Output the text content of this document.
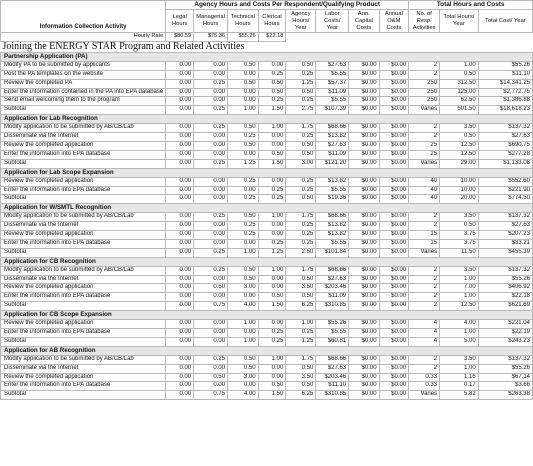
Information Collection Activity	Agency Hours and Costs Per Respondent/Qualifying Product								Total Hours and Costs		
	Legal Hours	Managerial Hours	Technical Hours	Clerical Hours	Agency Hours/ Year	Labor Costs/ Year	Ann. Capital Costs	Annual O&M Costs	No. of Resp. Activities	Total Hours/ Year	Total Cost/ Year
Hourly Rate	$80.59	$75.36	$55.26	$22.18							
Joining the ENERGY STAR Program and Related Activities											
Partnership Application (PA)											
Modify PA to be submitted by applicants	0.00	0.00	0.50	0.00	0.50	$27.63	$0.00	$0.00	2	1.00	$55.26
Post the PA templates on the website	0.00	0.00	0.00	0.25	0.25	$5.55	$0.00	$0.00	2	0.50	$11.10
Review the completed PA	0.00	0.25	0.50	0.50	1.25	$57.37	$0.00	$0.00	250	312.50	$14,341.25
Enter the information contained in the PA into EPA database	0.00	0.00	0.00	0.50	0.50	$11.09	$0.00	$0.00	250	125.00	$2,772.75
Send email welcoming them to the program	0.00	0.00	0.00	0.25	0.25	$5.55	$0.00	$0.00	250	62.50	$1,386.88
Subtotal	0.00	0.25	1.00	1.50	2.75	$107.39	$0.00	$0.00	Varies	501.50	$18,618.23
Application for Lab Recognition											
Modify application to be submitted by AB/CB/Lab	0.00	0.25	0.50	1.00	1.75	$68.66	$0.00	$0.00	2	3.50	$137.32
Disseminate via the Internet	0.00	0.00	0.25	0.00	0.25	$13.82	$0.00	$0.00	2	0.50	$27.63
Review the completed application	0.00	0.00	0.50	0.00	0.50	$27.63	$0.00	$0.00	25	12.50	$690.75
Enter the information into EPA database	0.00	0.00	0.00	0.50	0.50	$11.09	$0.00	$0.00	25	12.50	$277.28
Subtotal	0.00	0.25	1.25	1.50	3.00	$121.20	$0.00	$0.00	Varies	29.00	$1,133.08
Application for Lab Scope Expansion											
Review the completed application	0.00	0.00	0.25	0.00	0.25	$13.82	$0.00	$0.00	40	10.00	$552.60
Enter the information into EPA database	0.00	0.00	0.00	0.25	0.25	$5.55	$0.00	$0.00	40	10.00	$221.90
Subtotal	0.00	0.00	0.25	0.25	0.50	$19.36	$0.00	$0.00	40	20.00	$774.50
Application for W/SMTL Recognition											
Modify application to be submitted by AB/CB/Lab	0.00	0.25	0.50	1.00	1.75	$68.66	$0.00	$0.00	2	3.50	$137.32
Disseminate via the Internet	0.00	0.00	0.25	0.00	0.25	$13.82	$0.00	$0.00	2	0.50	$27.63
Review the completed application	0.00	0.00	0.25	0.00	0.25	$13.82	$0.00	$0.00	15	3.75	$207.23
Enter the information into EPA database	0.00	0.00	0.00	0.25	0.25	$5.55	$0.00	$0.00	15	3.75	$83.21
Subtotal	0.00	0.25	1.00	1.25	2.50	$101.84	$0.00	$0.00	Varies	11.50	$455.39
Application for CB Recognition											
Modify application to be submitted by AB/CB/Lab	0.00	0.25	0.50	1.00	1.75	$68.66	$0.00	$0.00	2	3.50	$137.32
Disseminate via the Internet	0.00	0.00	0.50	0.00	0.50	$27.63	$0.00	$0.00	2	1.00	$55.26
Review the completed application	0.00	0.50	3.00	0.00	3.50	$203.46	$0.00	$0.00	2	7.00	$406.92
Enter the information into EPA database	0.00	0.00	0.00	0.50	0.50	$11.09	$0.00	$0.00	2	1.00	$22.18
Subtotal	0.00	0.75	4.00	1.50	6.25	$310.85	$0.00	$0.00	2	12.50	$621.69
Application for CB Scope Expansion											
Review the completed application	0.00	0.00	1.00	0.00	1.00	$55.26	$0.00	$0.00	4	4.00	$221.04
Enter the information into EPA database	0.00	0.00	0.00	0.25	0.25	$5.55	$0.00	$0.00	4	1.00	$22.19
Subtotal	0.00	0.00	1.00	0.25	1.25	$60.81	$0.00	$0.00	4	5.00	$243.23
Application for AB Recognition											
Modify application to be submitted by AB/CB/Lab	0.00	0.25	0.50	1.00	1.75	$68.66	$0.00	$0.00	2	3.50	$137.32
Disseminate via the Internet	0.00	0.00	0.50	0.00	0.50	$27.63	$0.00	$0.00	2	1.00	$55.26
Review the completed application	0.00	0.50	3.00	0.00	3.50	$203.46	$0.00	$0.00	0.33	1.16	$67.14
Enter the information into EPA database	0.00	0.00	0.00	0.50	0.50	$11.10	$0.00	$0.00	0.33	0.17	$3.66
Subtotal	0.00	0.75	4.00	1.50	6.25	$310.85	$0.00	$0.00	Varies	5.82	$263.38
